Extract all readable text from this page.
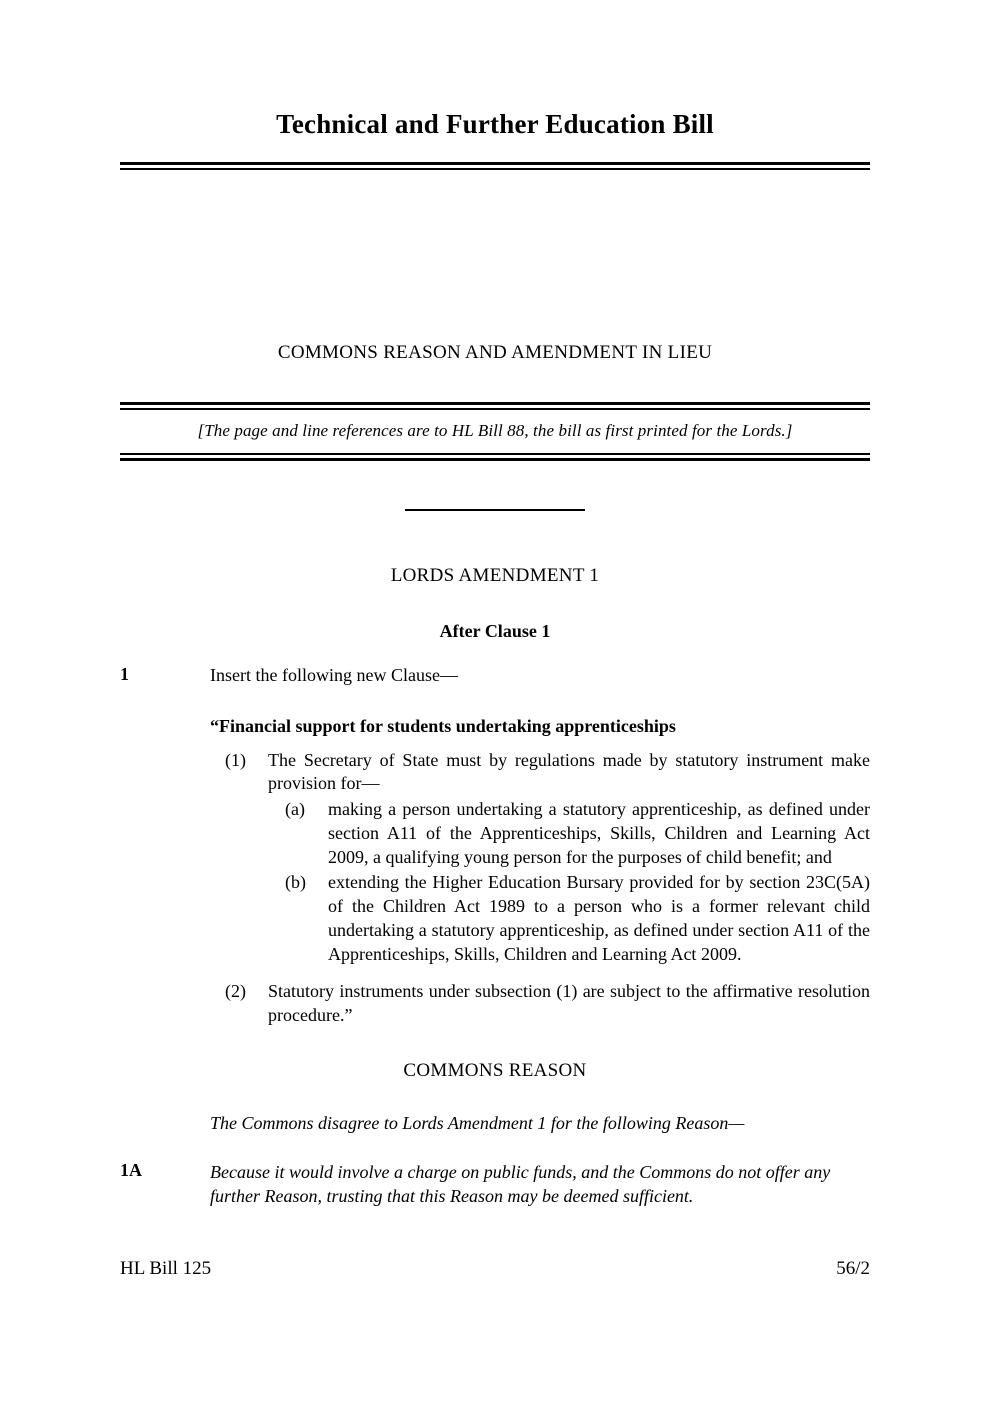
Technical and Further Education Bill
COMMONS REASON AND AMENDMENT IN LIEU
[The page and line references are to HL Bill 88, the bill as first printed for the Lords.]
LORDS AMENDMENT 1
After Clause 1
1	Insert the following new Clause—

“Financial support for students undertaking apprenticeships

(1)	The Secretary of State must by regulations made by statutory instrument make provision for—
(a)	making a person undertaking a statutory apprenticeship, as defined under section A11 of the Apprenticeships, Skills, Children and Learning Act 2009, a qualifying young person for the purposes of child benefit; and
(b)	extending the Higher Education Bursary provided for by section 23C(5A) of the Children Act 1989 to a person who is a former relevant child undertaking a statutory apprenticeship, as defined under section A11 of the Apprenticeships, Skills, Children and Learning Act 2009.
(2)	Statutory instruments under subsection (1) are subject to the affirmative resolution procedure.”
COMMONS REASON
The Commons disagree to Lords Amendment 1 for the following Reason—
1A	Because it would involve a charge on public funds, and the Commons do not offer any further Reason, trusting that this Reason may be deemed sufficient.
HL Bill 125	56/2
